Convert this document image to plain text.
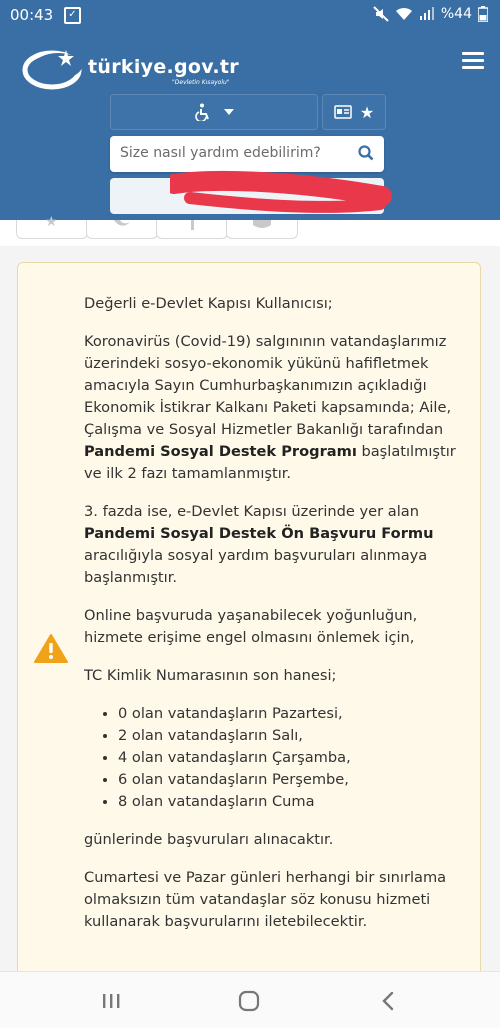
00:43	✓	%44
türkiye.gov.tr
"Devletin Kısayolu"
★
Size nasıl yardım edebilirim?
★

Değerli e-Devlet Kapısı Kullanıcısı;

Koronavirüs (Covid-19) salgınının vatandaşlarımız üzerindeki sosyo-ekonomik yükünü hafifletmek amacıyla Sayın Cumhurbaşkanımızın açıkladığı Ekonomik İstikrar Kalkanı Paketi kapsamında; Aile, Çalışma ve Sosyal Hizmetler Bakanlığı tarafından Pandemi Sosyal Destek Programı başlatılmıştır ve ilk 2 fazı tamamlanmıştır.

3. fazda ise, e-Devlet Kapısı üzerinde yer alan Pandemi Sosyal Destek Ön Başvuru Formu aracılığıyla sosyal yardım başvuruları alınmaya başlanmıştır.

Online başvuruda yaşanabilecek yoğunluğun, hizmete erişime engel olmasını önlemek için,

TC Kimlik Numarasının son hanesi;

• 0 olan vatandaşların Pazartesi,
• 2 olan vatandaşların Salı,
• 4 olan vatandaşların Çarşamba,
• 6 olan vatandaşların Perşembe,
• 8 olan vatandaşların Cuma

günlerinde başvuruları alınacaktır.

Cumartesi ve Pazar günleri herhangi bir sınırlama olmaksızın tüm vatandaşlar söz konusu hizmeti kullanarak başvurularını iletebilecektir.
